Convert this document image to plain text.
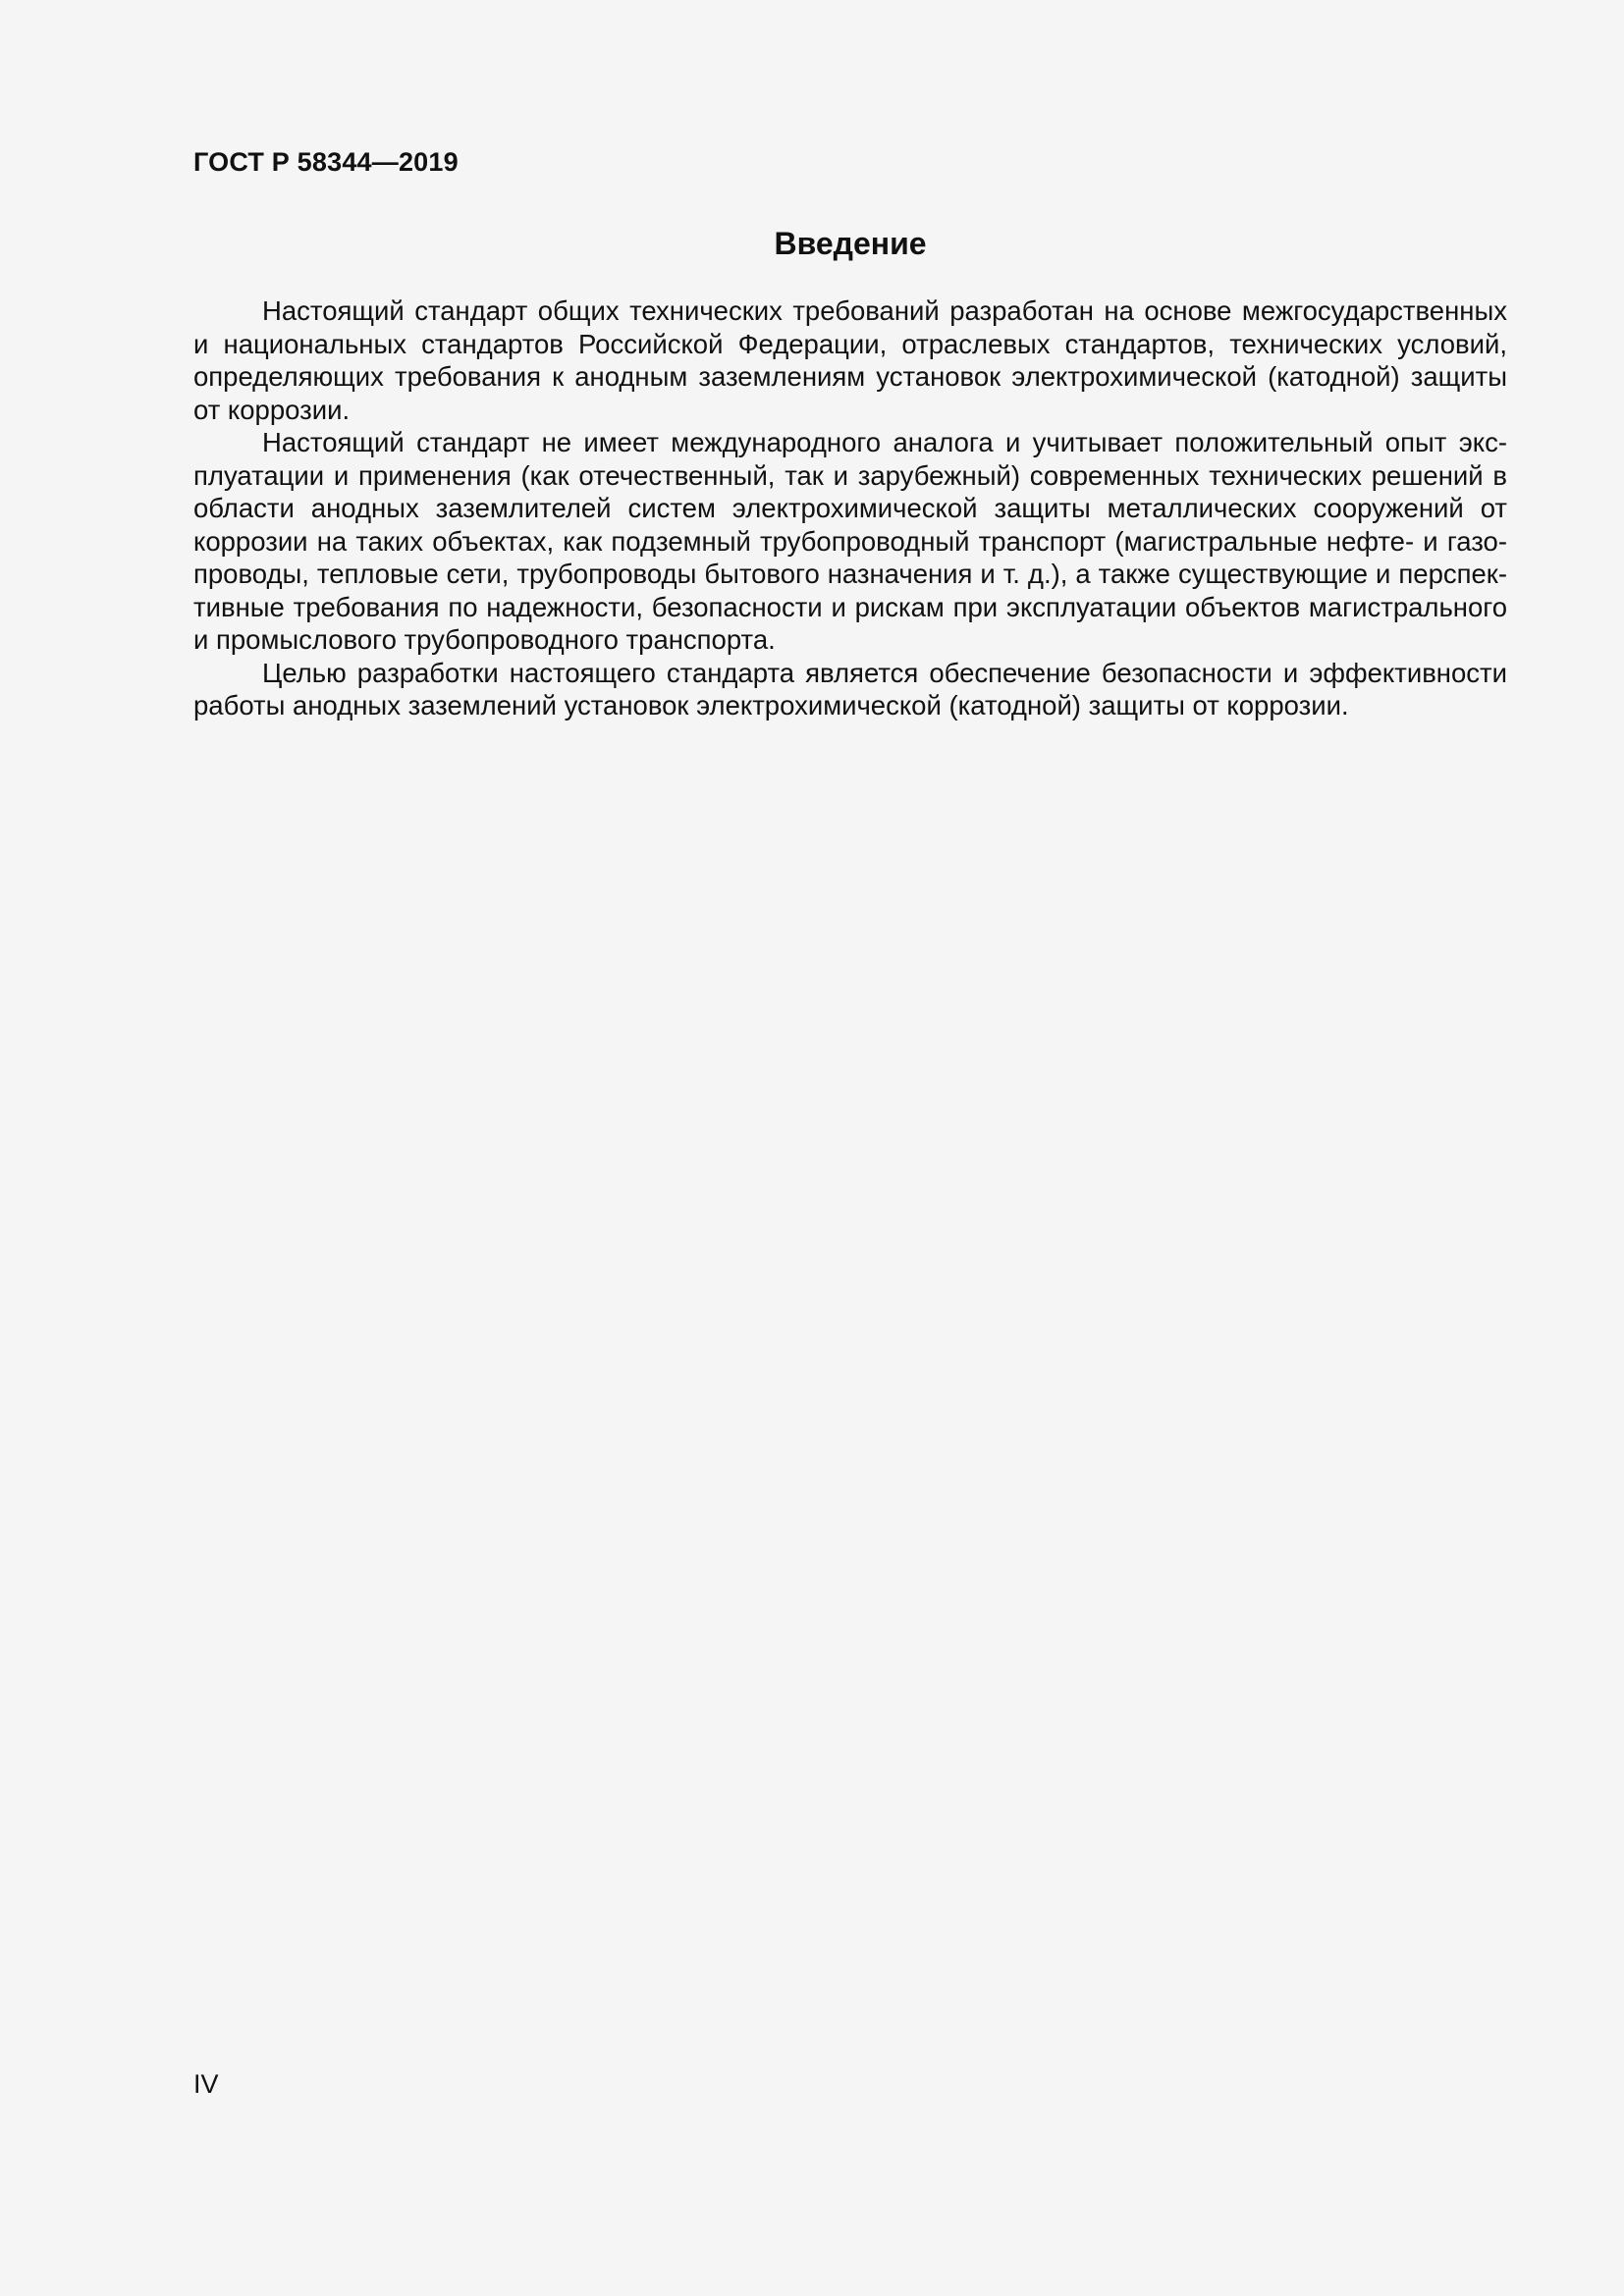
ГОСТ Р 58344—2019
Введение

Настоящий стандарт общих технических требований разработан на основе межгосударственных и национальных стандартов Российской Федерации, отраслевых стандартов, технических условий, определяющих требования к анодным заземлениям установок электрохимической (катодной) защиты от коррозии.

Настоящий стандарт не имеет международного аналога и учитывает положительный опыт эксплуатации и применения (как отечественный, так и зарубежный) современных технических решений в области анодных заземлителей систем электрохимической защиты металлических сооружений от коррозии на таких объектах, как подземный трубопроводный транспорт (магистральные нефте- и газопроводы, тепловые сети, трубопроводы бытового назначения и т. д.), а также существующие и перспективные требования по надежности, безопасности и рискам при эксплуатации объектов магистрального и промыслового трубопроводного транспорта.

Целью разработки настоящего стандарта является обеспечение безопасности и эффективности работы анодных заземлений установок электрохимической (катодной) защиты от коррозии.

IV
